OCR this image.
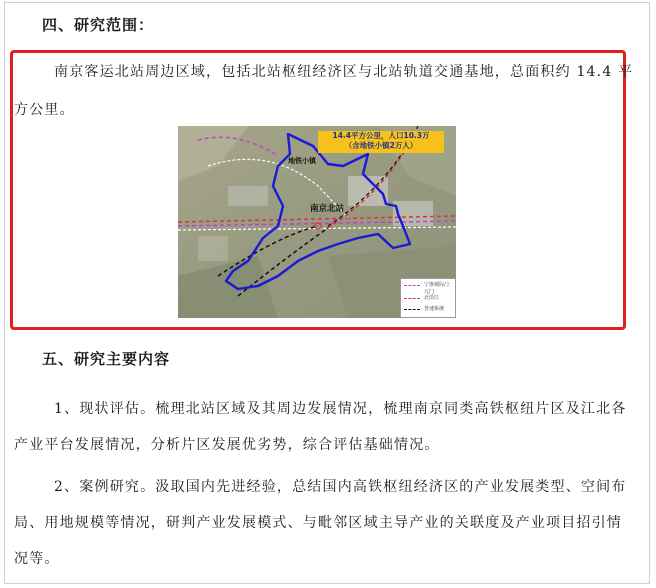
四、研究范围：
南京客运北站周边区域，包括北站枢纽经济区与北站轨道交通基地，总面积约 14.4 平
方公里。
14.4平方公里，人口10.3万
（含地铁小镇2万人）
地铁小镇
南京北站
宁淮城际/上元门
北沿江
普速系统
五、研究主要内容
1、现状评估。梳理北站区域及其周边发展情况，梳理南京同类高铁枢纽片区及江北各
产业平台发展情况，分析片区发展优劣势，综合评估基础情况。
2、案例研究。汲取国内先进经验，总结国内高铁枢纽经济区的产业发展类型、空间布
局、用地规模等情况，研判产业发展模式、与毗邻区域主导产业的关联度及产业项目招引情
况等。
